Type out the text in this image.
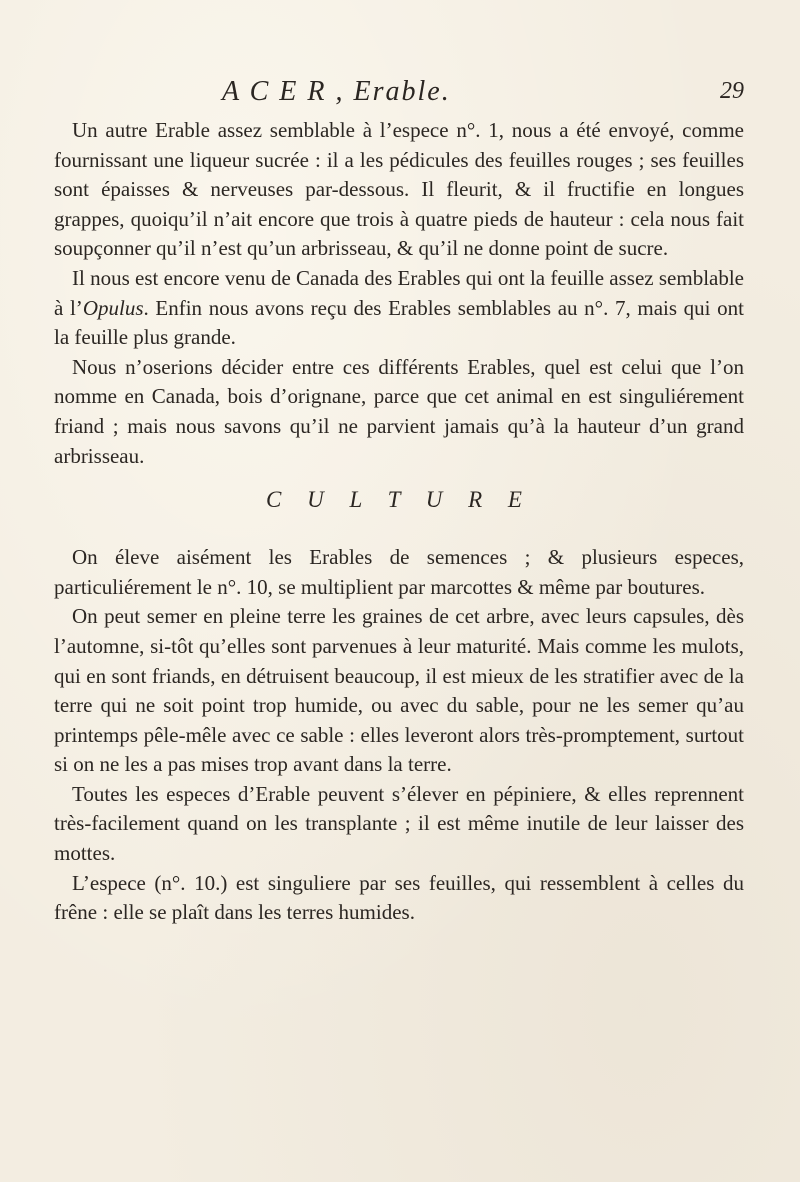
A C E R , Erable.	29

Un autre Erable assez semblable à l’espece n°. 1, nous a été envoyé, comme fournissant une liqueur sucrée : il a les pédicules des feuilles rouges ; ses feuilles sont épaisses & nerveuses par-dessous. Il fleurit, & il fructifie en longues grappes, quoiqu’il n’ait encore que trois à quatre pieds de hauteur : cela nous fait soupçonner qu’il n’est qu’un arbrisseau, & qu’il ne donne point de sucre.

Il nous est encore venu de Canada des Erables qui ont la feuille assez semblable à l’Opulus. Enfin nous avons reçu des Erables semblables au n°. 7, mais qui ont la feuille plus grande.

Nous n’oserions décider entre ces différents Erables, quel est celui que l’on nomme en Canada, bois d’orignane, parce que cet animal en est singuliérement friand ; mais nous savons qu’il ne parvient jamais qu’à la hauteur d’un grand arbrisseau.

C U L T U R E

On éleve aisément les Erables de semences ; & plusieurs especes, particuliérement le n°. 10, se multiplient par marcottes & même par boutures.

On peut semer en pleine terre les graines de cet arbre, avec leurs capsules, dès l’automne, si-tôt qu’elles sont parvenues à leur maturité. Mais comme les mulots, qui en sont friands, en détruisent beaucoup, il est mieux de les stratifier avec de la terre qui ne soit point trop humide, ou avec du sable, pour ne les semer qu’au printemps pêle-mêle avec ce sable : elles leveront alors très-promptement, surtout si on ne les a pas mises trop avant dans la terre.

Toutes les especes d’Erable peuvent s’élever en pépiniere, & elles reprennent très-facilement quand on les transplante ; il est même inutile de leur laisser des mottes.

L’espece (n°. 10.) est singuliere par ses feuilles, qui ressemblent à celles du frêne : elle se plaît dans les terres humides.
